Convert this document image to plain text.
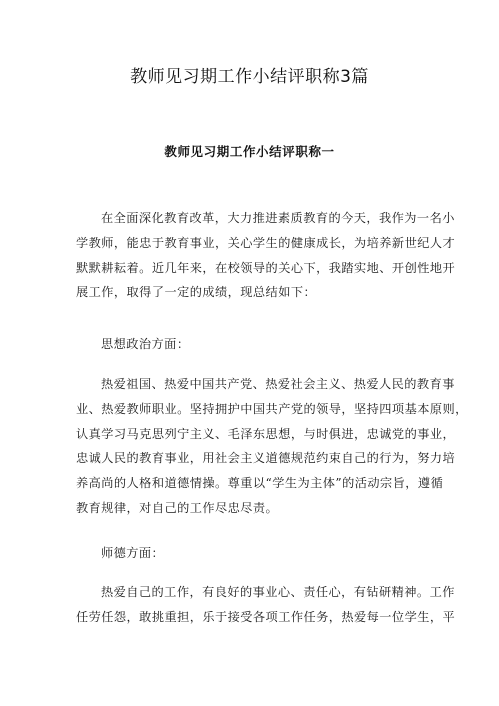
教师见习期工作小结评职称3篇
教师见习期工作小结评职称一
在全面深化教育改革，大力推进素质教育的今天，我作为一名小
学教师，能忠于教育事业，关心学生的健康成长，为培养新世纪人才
默默耕耘着。近几年来，在校领导的关心下，我踏实地、开创性地开
展工作，取得了一定的成绩，现总结如下：
思想政治方面：
热爱祖国、热爱中国共产党、热爱社会主义、热爱人民的教育事
业、热爱教师职业。坚持拥护中国共产党的领导，坚持四项基本原则，
认真学习马克思列宁主义、毛泽东思想，与时俱进，忠诚党的事业，
忠诚人民的教育事业，用社会主义道德规范约束自己的行为，努力培
养高尚的人格和道德情操。尊重以“学生为主体”的活动宗旨，遵循
教育规律，对自己的工作尽忠尽责。
师德方面：
热爱自己的工作，有良好的事业心、责任心，有钻研精神。工作
任劳任怨，敢挑重担，乐于接受各项工作任务，热爱每一位学生，平
